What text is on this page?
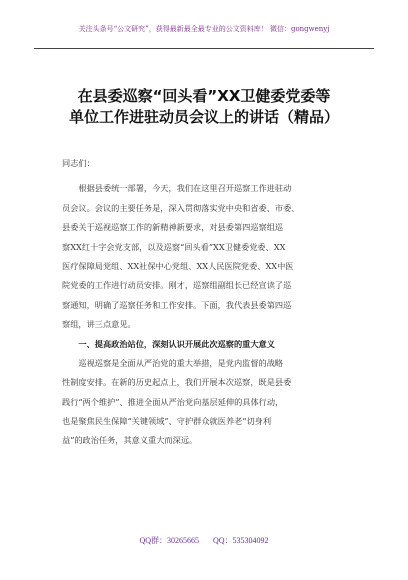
关注头条号“公文研究”，获得最新最全最专业的公文资料库！ 微信：gongwenyj
在县委巡察“回头看”XX卫健委党委等
单位工作进驻动员会议上的讲话（精品）
同志们：
　　根据县委统一部署，今天，我们在这里召开巡察工作进驻动
员会议。会议的主要任务是，深入贯彻落实党中央和省委、市委、
县委关于巡视巡察工作的新精神新要求，对县委第四巡察组巡
察XX红十字会党支部，以及巡察“回头看”XX卫健委党委、XX
医疗保障局党组、XX社保中心党组、XX人民医院党委、XX中医
院党委的工作进行动员安排。刚才，巡察组副组长已经宣读了巡
察通知，明确了巡察任务和工作安排。下面，我代表县委第四巡
察组，讲三点意见。
　　一、提高政治站位，深刻认识开展此次巡察的重大意义
　　巡视巡察是全面从严治党的重大举措，是党内监督的战略
性制度安排。在新的历史起点上，我们开展本次巡察，既是县委
践行“两个维护”、推进全面从严治党向基层延伸的具体行动，
也是聚焦民生保障“关键领域”、守护群众就医养老“切身利
益”的政治任务，其意义重大而深远。
QQ群：30265665 QQ：535304092
